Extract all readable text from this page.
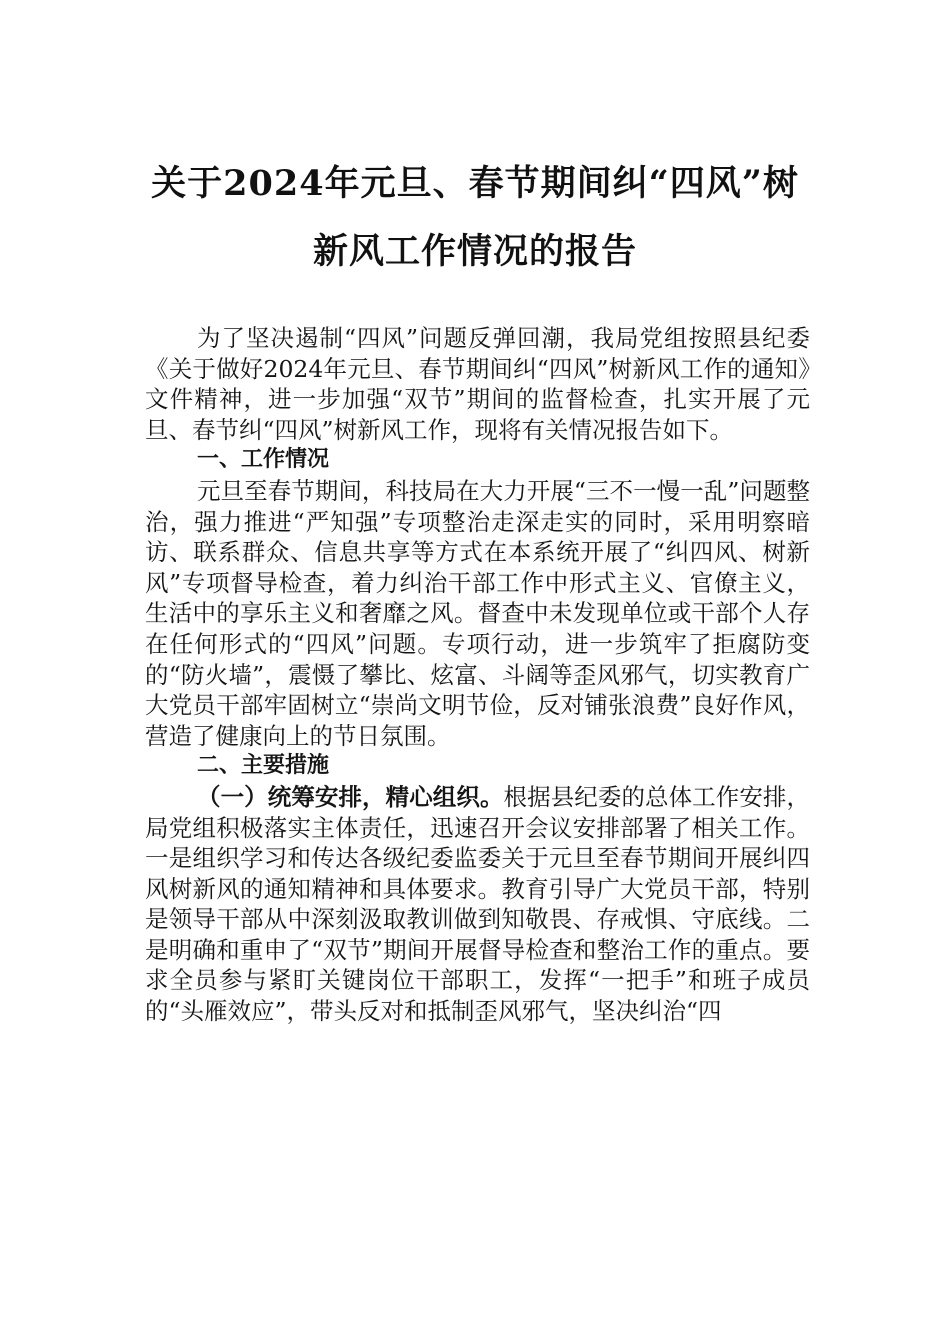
关于2024年元旦、春节期间纠“四风”树
新风工作情况的报告

为了坚决遏制“四风”问题反弹回潮，我局党组按照县纪委《关于做好2024年元旦、春节期间纠“四风”树新风工作的通知》文件精神，进一步加强“双节”期间的监督检查，扎实开展了元旦、春节纠“四风”树新风工作，现将有关情况报告如下。

一、工作情况

元旦至春节期间，科技局在大力开展“三不一慢一乱”问题整治，强力推进“严知强”专项整治走深走实的同时，采用明察暗访、联系群众、信息共享等方式在本系统开展了“纠四风、树新风”专项督导检查，着力纠治干部工作中形式主义、官僚主义，生活中的享乐主义和奢靡之风。督查中未发现单位或干部个人存在任何形式的“四风”问题。专项行动，进一步筑牢了拒腐防变的“防火墙”，震慑了攀比、炫富、斗阔等歪风邪气，切实教育广大党员干部牢固树立“崇尚文明节俭，反对铺张浪费”良好作风，营造了健康向上的节日氛围。

二、主要措施

（一）统筹安排，精心组织。根据县纪委的总体工作安排，局党组积极落实主体责任，迅速召开会议安排部署了相关工作。一是组织学习和传达各级纪委监委关于元旦至春节期间开展纠四风树新风的通知精神和具体要求。教育引导广大党员干部，特别是领导干部从中深刻汲取教训做到知敬畏、存戒惧、守底线。二是明确和重申了“双节”期间开展督导检查和整治工作的重点。要求全员参与紧盯关键岗位干部职工，发挥“一把手”和班子成员的“头雁效应”，带头反对和抵制歪风邪气，坚决纠治“四
